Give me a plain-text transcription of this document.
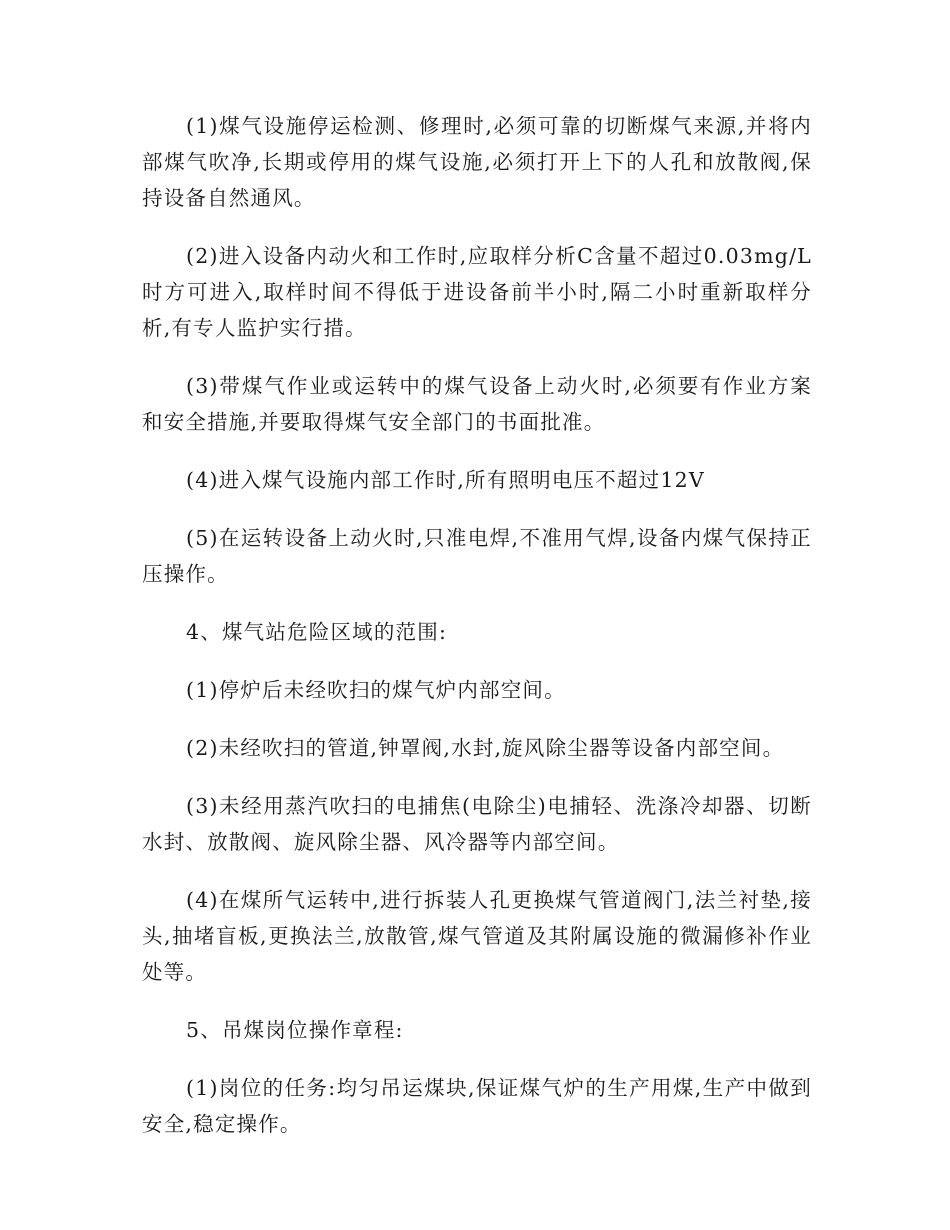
(1)煤气设施停运检测、修理时,必须可靠的切断煤气来源,并将内部煤气吹净,长期或停用的煤气设施,必须打开上下的人孔和放散阀,保持设备自然通风。

(2)进入设备内动火和工作时,应取样分析C含量不超过0.03mg/L时方可进入,取样时间不得低于进设备前半小时,隔二小时重新取样分析,有专人监护实行措。

(3)带煤气作业或运转中的煤气设备上动火时,必须要有作业方案和安全措施,并要取得煤气安全部门的书面批准。

(4)进入煤气设施内部工作时,所有照明电压不超过12V

(5)在运转设备上动火时,只准电焊,不准用气焊,设备内煤气保持正压操作。

4、煤气站危险区域的范围:

(1)停炉后未经吹扫的煤气炉内部空间。

(2)未经吹扫的管道,钟罩阀,水封,旋风除尘器等设备内部空间。

(3)未经用蒸汽吹扫的电捕焦(电除尘)电捕轻、洗涤冷却器、切断水封、放散阀、旋风除尘器、风冷器等内部空间。

(4)在煤所气运转中,进行拆装人孔更换煤气管道阀门,法兰衬垫,接头,抽堵盲板,更换法兰,放散管,煤气管道及其附属设施的微漏修补作业处等。

5、吊煤岗位操作章程:

(1)岗位的任务:均匀吊运煤块,保证煤气炉的生产用煤,生产中做到安全,稳定操作。
